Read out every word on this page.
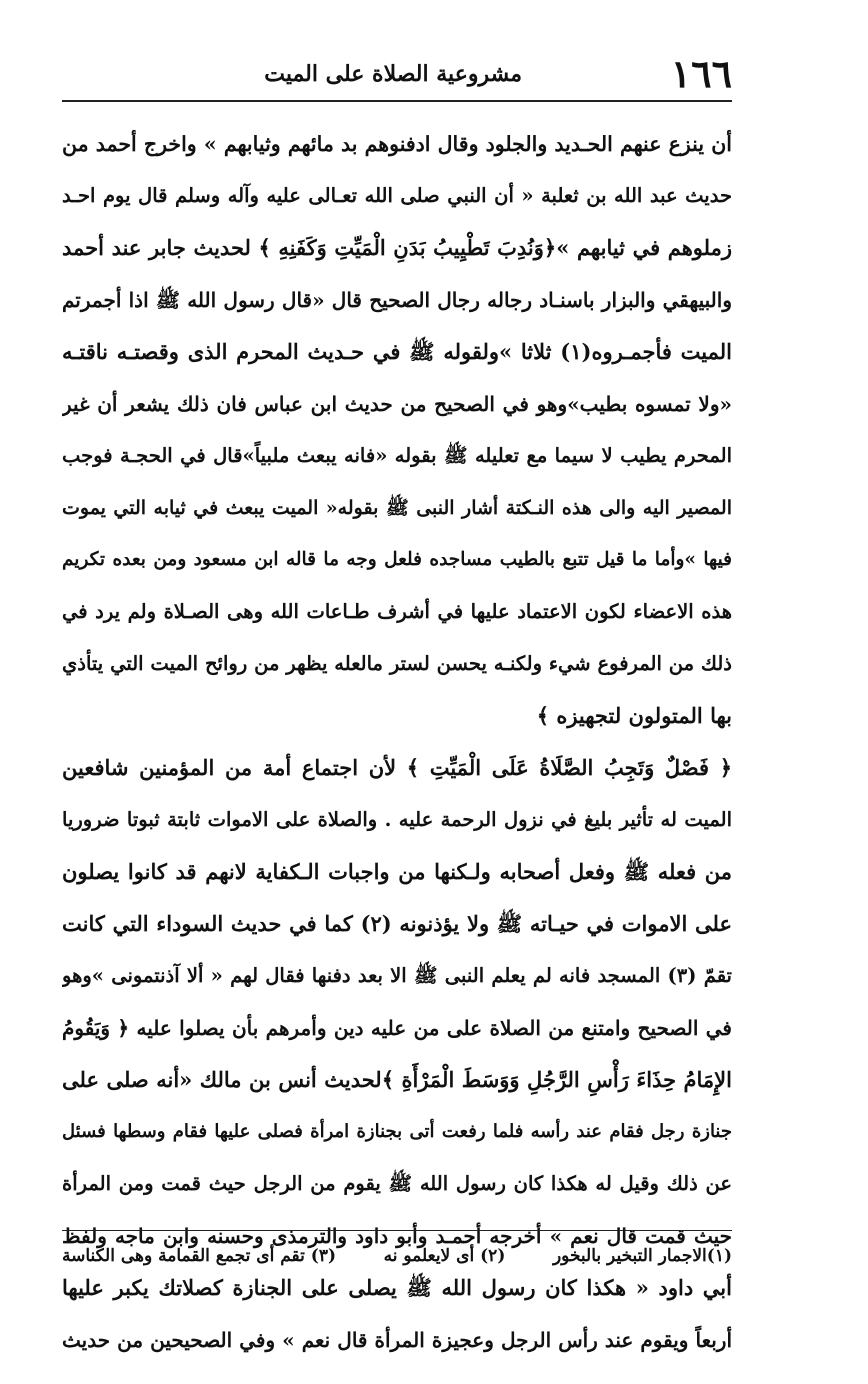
١٦٦
مشروعية الصلاة على الميت
أن ينزع عنهم الحـديد والجلود وقال ادفنوهم بد مائهم وثيابهم » واخرج أحمد من
حديث عبد الله بن ثعلبة « أن النبي صلى الله تعـالى عليه وآله وسلم قال يوم احـد
زملوهم في ثيابهم »﴿وَنُدِبَ تَطْيِيبُ بَدَنِ الْمَيِّتِ وَكَفَنِهِ ﴾ لحديث جابر عند أحمد
والبيهقي والبزار باسنـاد رجاله رجال الصحيح قال «قال رسول الله ﷺ اذا أجمرتم
الميت فأجمـروه(١) ثلاثا »ولقوله ﷺ في حـديث المحرم الذى وقصتـه ناقتـه
«ولا تمسوه بطيب»وهو في الصحيح من حديث ابن عباس فان ذلك يشعر أن غير
المحرم يطيب لا سيما مع تعليله ﷺ بقوله «فانه يبعث ملبياً»قال في الحجـة فوجب
المصير اليه والى هذه النـكتة أشار النبى ﷺ بقوله« الميت يبعث في ثيابه التي يموت
فيها »وأما ما قيل تتبع بالطيب مساجده فلعل وجه ما قاله ابن مسعود ومن بعده تكريم
هذه الاعضاء لكون الاعتماد عليها في أشرف طـاعات الله وهى الصـلاة ولم يرد في
ذلك من المرفوع شيء ولكنـه يحسن لستر مالعله يظهر من روائح الميت التي يتأذي
بها المتولون لتجهيزه ﴾
﴿ فَصْلٌ وَتَجِبُ الصَّلَاةُ عَلَى الْمَيِّتِ ﴾ لأن اجتماع أمة من المؤمنين شافعين
الميت له تأثير بليغ في نزول الرحمة عليه . والصلاة على الاموات ثابتة ثبوتا ضروريا
من فعله ﷺ وفعل أصحابه ولـكنها من واجبات الـكفاية لانهم قد كانوا يصلون
على الاموات في حيـاته ﷺ ولا يؤذنونه (٢) كما في حديث السوداء التي كانت
تقمّ (٣) المسجد فانه لم يعلم النبى ﷺ الا بعد دفنها فقال لهم « ألا آذنتمونى »وهو
في الصحيح وامتنع من الصلاة على من عليه دين وأمرهم بأن يصلوا عليه ﴿ وَيَقُومُ
الإِمَامُ حِذَاءَ رَأْسِ الرَّجُلِ وَوَسَطَ الْمَرْأَةِ ﴾لحديث أنس بن مالك «أنه صلى على
جنازة رجل فقام عند رأسه فلما رفعت أتى بجنازة امرأة فصلى عليها فقام وسطها فسئل
عن ذلك وقيل له هكذا كان رسول الله ﷺ يقوم من الرجل حيث قمت ومن المرأة
حيث قمت قال نعم » أخرجه أحمـد وأبو داود والترمذى وحسنه وابن ماجه ولفظ
أبي داود « هكذا كان رسول الله ﷺ يصلى على الجنازة كصلاتك يكبر عليها
أربعاً ويقوم عند رأس الرجل وعجيزة المرأة قال نعم » وفي الصحيحين من حديث
(١)الاجمار التبخير بالبخور
(٢) أى لايعلمو نه
(٣) تقم أى تجمع القمامة وهى الكناسة
